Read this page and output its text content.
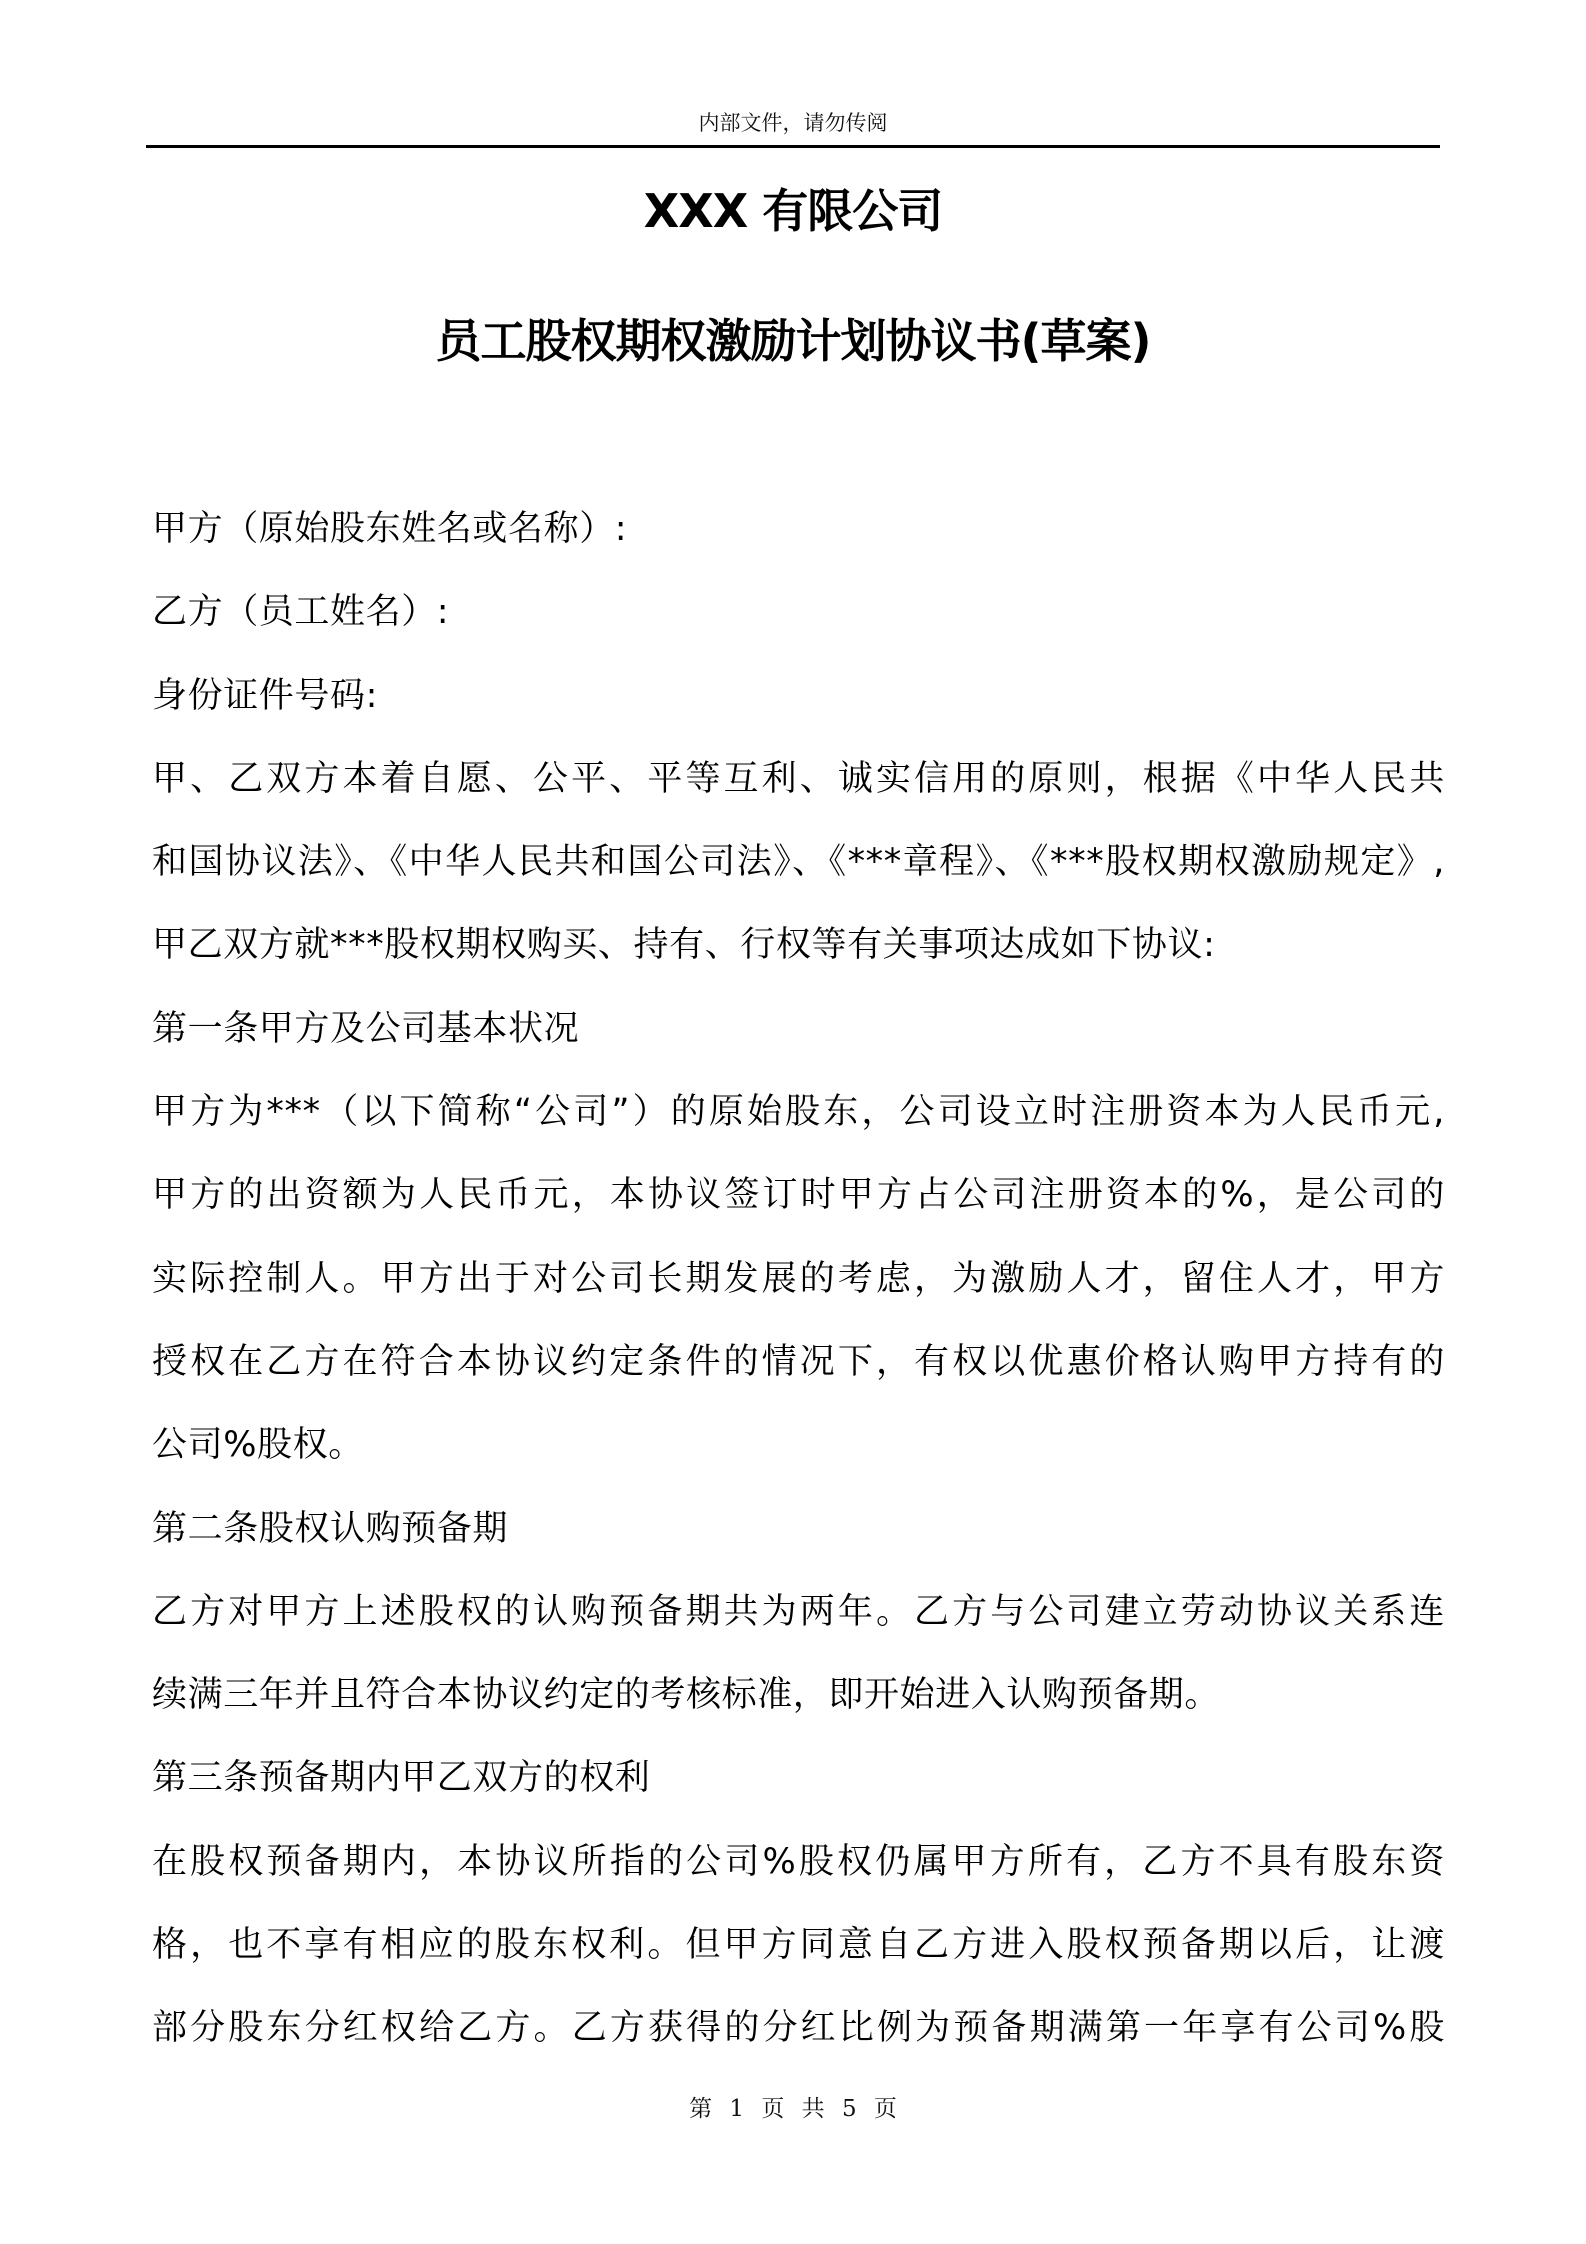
内部文件，请勿传阅
XXX 有限公司
员工股权期权激励计划协议书(草案)
甲方（原始股东姓名或名称）:
乙方（员工姓名）:
身份证件号码:
甲、乙双方本着自愿、公平、平等互利、诚实信用的原则，根据《中华人民共
和国协议法》、《中华人民共和国公司法》、《***章程》、《***股权期权激励规定》,
甲乙双方就***股权期权购买、持有、行权等有关事项达成如下协议:
第一条甲方及公司基本状况
甲方为***（以下简称“公司”）的原始股东，公司设立时注册资本为人民币元,
甲方的出资额为人民币元，本协议签订时甲方占公司注册资本的%，是公司的
实际控制人。甲方出于对公司长期发展的考虑，为激励人才，留住人才，甲方
授权在乙方在符合本协议约定条件的情况下，有权以优惠价格认购甲方持有的
公司%股权。
第二条股权认购预备期
乙方对甲方上述股权的认购预备期共为两年。乙方与公司建立劳动协议关系连
续满三年并且符合本协议约定的考核标准，即开始进入认购预备期。
第三条预备期内甲乙双方的权利
在股权预备期内，本协议所指的公司%股权仍属甲方所有，乙方不具有股东资
格，也不享有相应的股东权利。但甲方同意自乙方进入股权预备期以后，让渡
部分股东分红权给乙方。乙方获得的分红比例为预备期满第一年享有公司%股
第 1 页 共 5 页
